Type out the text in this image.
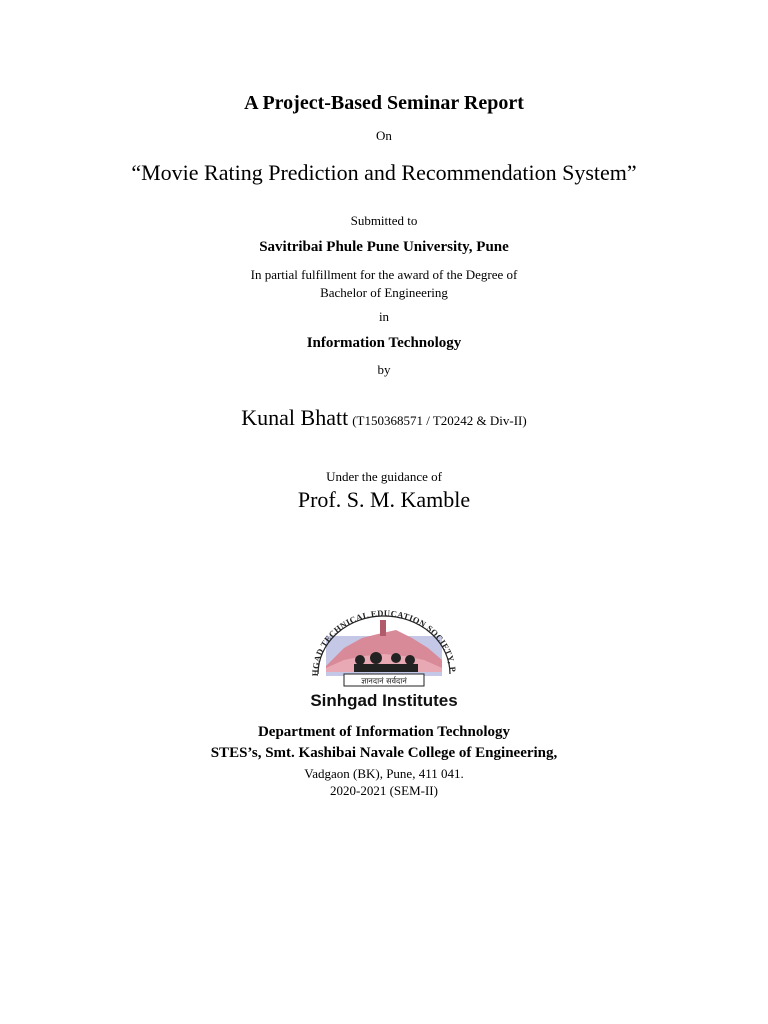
A Project-Based Seminar Report
On
“Movie Rating Prediction and Recommendation System”
Submitted to
Savitribai Phule Pune University, Pune
In partial fulfillment for the award of the Degree of
Bachelor of Engineering
in
Information Technology
by
Kunal Bhatt (T150368571 / T20242 & Div-II)
Under the guidance of
Prof. S. M. Kamble
HGAD TECHNICAL EDUCATION SOCIETY, P
ज्ञानदानं सर्वदानं
Sinhgad Institutes
Department of Information Technology
STES’s, Smt. Kashibai Navale College of Engineering,
Vadgaon (BK), Pune, 411 041.
2020-2021 (SEM-II)
